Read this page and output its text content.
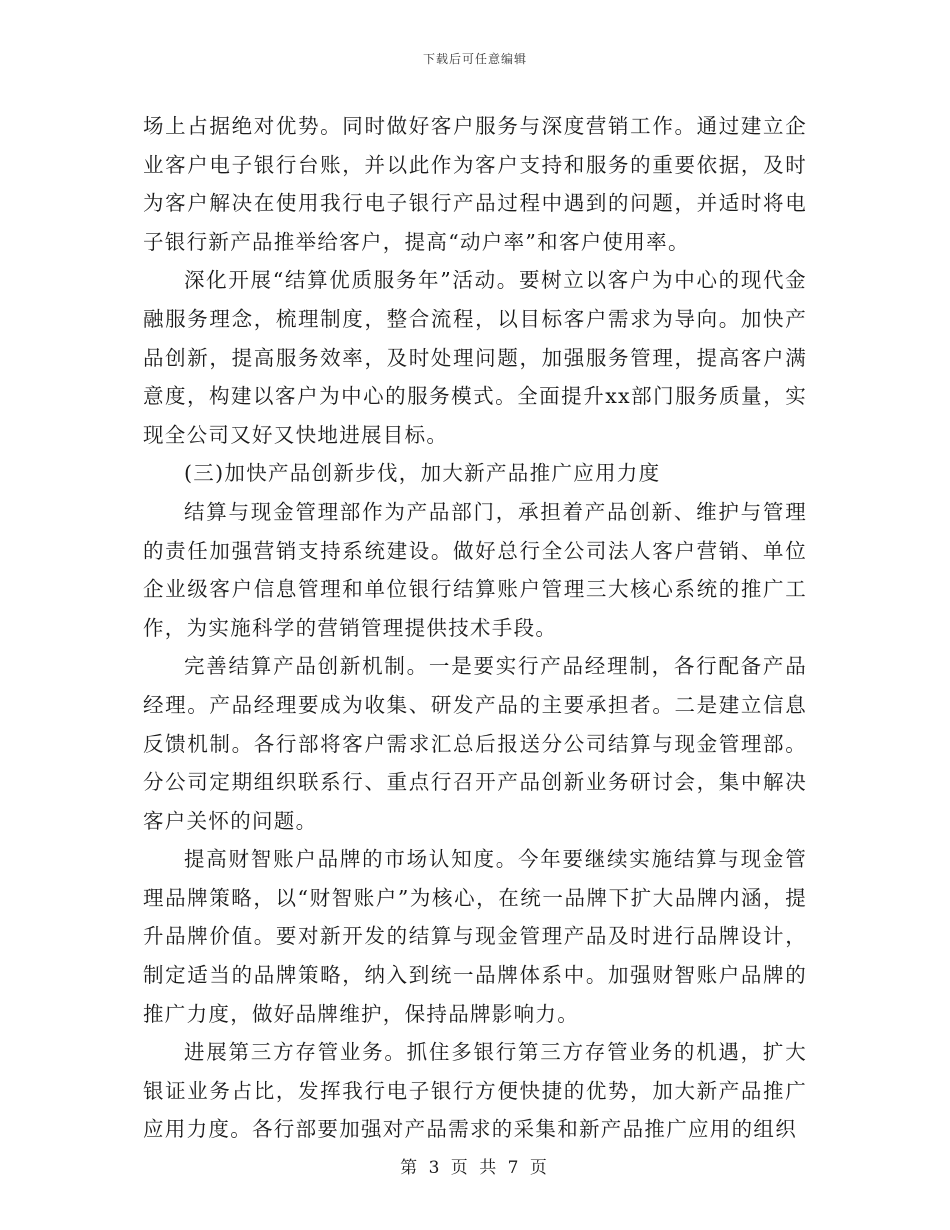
下载后可任意编辑

场上占据绝对优势。同时做好客户服务与深度营销工作。通过建立企业客户电子银行台账，并以此作为客户支持和服务的重要依据，及时为客户解决在使用我行电子银行产品过程中遇到的问题，并适时将电子银行新产品推举给客户，提高“动户率”和客户使用率。

深化开展“结算优质服务年”活动。要树立以客户为中心的现代金融服务理念，梳理制度，整合流程，以目标客户需求为导向。加快产品创新，提高服务效率，及时处理问题，加强服务管理，提高客户满意度，构建以客户为中心的服务模式。全面提升xx部门服务质量，实现全公司又好又快地进展目标。

(三)加快产品创新步伐，加大新产品推广应用力度

结算与现金管理部作为产品部门，承担着产品创新、维护与管理的责任加强营销支持系统建设。做好总行全公司法人客户营销、单位企业级客户信息管理和单位银行结算账户管理三大核心系统的推广工作，为实施科学的营销管理提供技术手段。

完善结算产品创新机制。一是要实行产品经理制，各行配备产品经理。产品经理要成为收集、研发产品的主要承担者。二是建立信息反馈机制。各行部将客户需求汇总后报送分公司结算与现金管理部。分公司定期组织联系行、重点行召开产品创新业务研讨会，集中解决客户关怀的问题。

提高财智账户品牌的市场认知度。今年要继续实施结算与现金管理品牌策略，以“财智账户”为核心，在统一品牌下扩大品牌内涵，提升品牌价值。要对新开发的结算与现金管理产品及时进行品牌设计，制定适当的品牌策略，纳入到统一品牌体系中。加强财智账户品牌的推广力度，做好品牌维护，保持品牌影响力。

进展第三方存管业务。抓住多银行第三方存管业务的机遇，扩大银证业务占比，发挥我行电子银行方便快捷的优势，加大新产品推广应用力度。各行部要加强对产品需求的采集和新产品推广应用的组织

第 3 页 共 7 页
